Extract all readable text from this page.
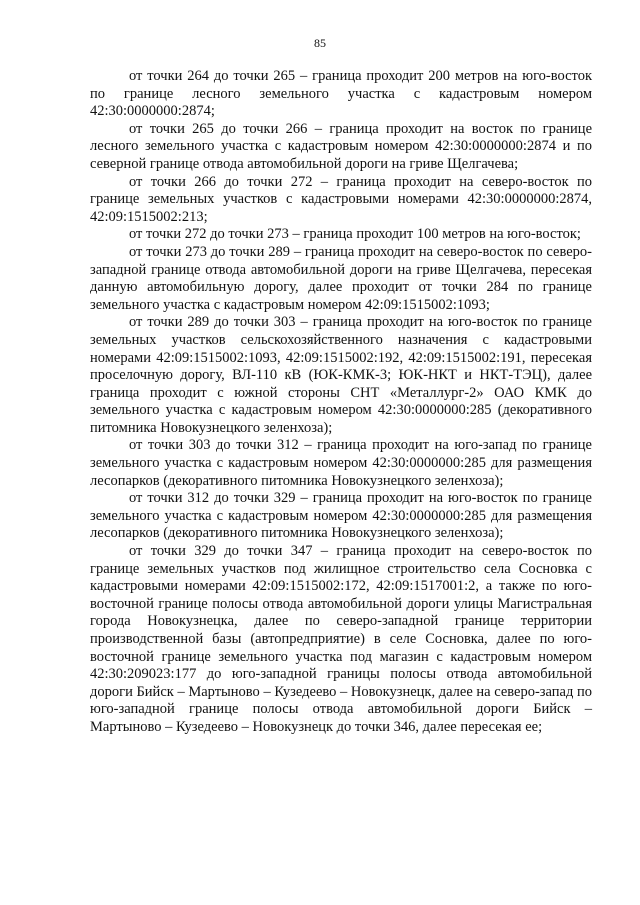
85

от точки 264 до точки 265 – граница проходит 200 метров на юго-восток по границе лесного земельного участка с кадастровым номером 42:30:0000000:2874;

от точки 265 до точки 266 – граница проходит на восток по границе лесного земельного участка с кадастровым номером 42:30:0000000:2874 и по северной границе отвода автомобильной дороги на гриве Щелгачева;

от точки 266 до точки 272 – граница проходит на северо-восток по границе земельных участков с кадастровыми номерами 42:30:0000000:2874, 42:09:1515002:213;

от точки 272 до точки 273 – граница проходит 100 метров на юго-восток;

от точки 273 до точки 289 – граница проходит на северо-восток по северо-западной границе отвода автомобильной дороги на гриве Щелгачева, пересекая данную автомобильную дорогу, далее проходит от точки 284 по границе земельного участка с кадастровым номером 42:09:1515002:1093;

от точки 289 до точки 303 – граница проходит на юго-восток по границе земельных участков сельскохозяйственного назначения с кадастровыми номерами 42:09:1515002:1093, 42:09:1515002:192, 42:09:1515002:191, пересекая проселочную дорогу, ВЛ-110 кВ (ЮК-КМК-3; ЮК-НКТ и НКТ-ТЭЦ), далее граница проходит с южной стороны СНТ «Металлург-2» ОАО КМК до земельного участка с кадастровым номером 42:30:0000000:285 (декоративного питомника Новокузнецкого зеленхоза);

от точки 303 до точки 312 – граница проходит на юго-запад по границе земельного участка с кадастровым номером 42:30:0000000:285 для размещения лесопарков (декоративного питомника Новокузнецкого зеленхоза);

от точки 312 до точки 329 – граница проходит на юго-восток по границе земельного участка с кадастровым номером 42:30:0000000:285 для размещения лесопарков (декоративного питомника Новокузнецкого зеленхоза);

от точки 329 до точки 347 – граница проходит на северо-восток по границе земельных участков под жилищное строительство села Сосновка с кадастровыми номерами 42:09:1515002:172, 42:09:1517001:2, а также по юго-восточной границе полосы отвода автомобильной дороги улицы Магистральная города Новокузнецка, далее по северо-западной границе территории производственной базы (автопредприятие) в селе Сосновка, далее по юго-восточной границе земельного участка под магазин с кадастровым номером 42:30:209023:177 до юго-западной границы полосы отвода автомобильной дороги Бийск – Мартыново – Кузедеево – Новокузнецк, далее на северо-запад по юго-западной границе полосы отвода автомобильной дороги Бийск – Мартыново – Кузедеево – Новокузнецк до точки 346, далее пересекая ее;
